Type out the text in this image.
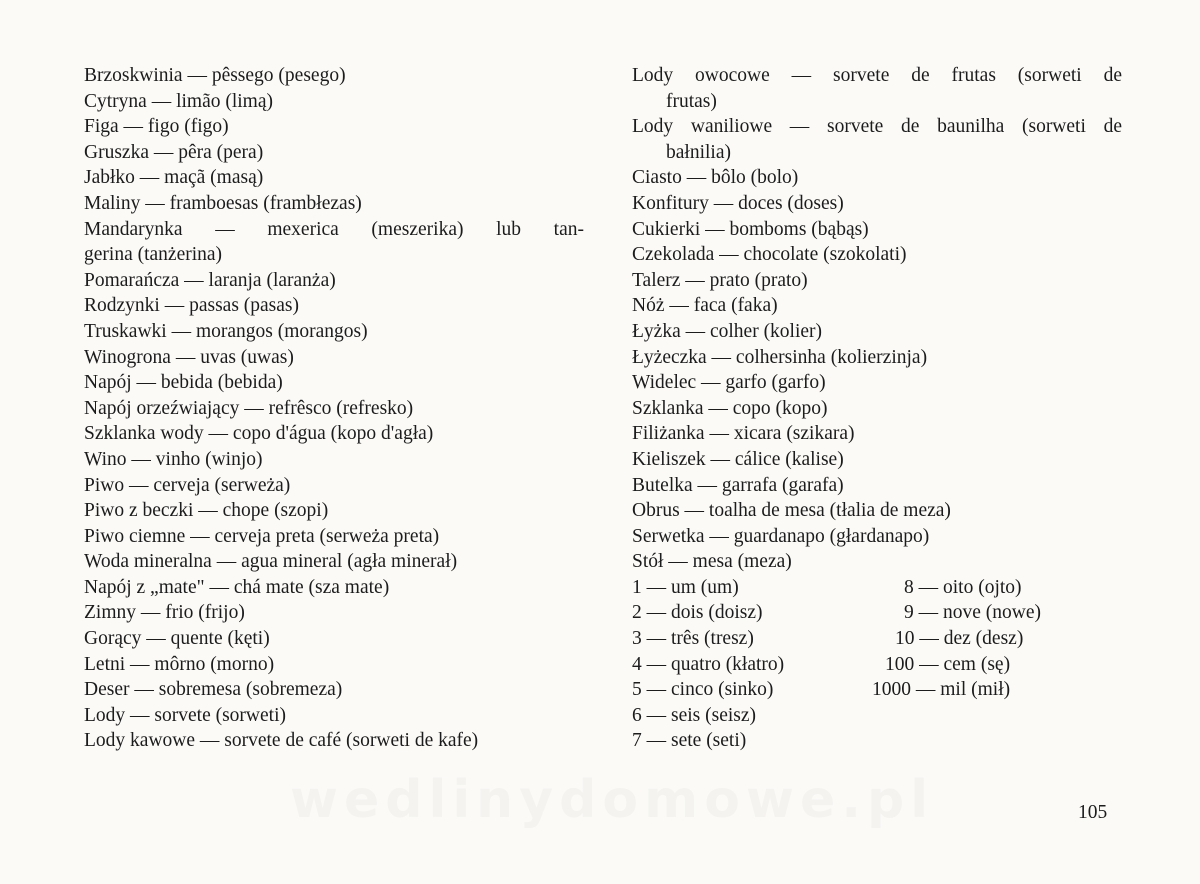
Brzoskwinia — pêssego (pesego)
Cytryna — limão (limą)
Figa — figo (figo)
Gruszka — pêra (pera)
Jabłko — maçã (masą)
Maliny — framboesas (frambłezas)
Mandarynka — mexerica (meszerika) lub tan-
gerina (tanżerina)
Pomarańcza — laranja (laranża)
Rodzynki — passas (pasas)
Truskawki — morangos (morangos)
Winogrona — uvas (uwas)
Napój — bebida (bebida)
Napój orzeźwiający — refrêsco (refresko)
Szklanka wody — copo d'água (kopo d'agła)
Wino — vinho (winjo)
Piwo — cerveja (serweża)
Piwo z beczki — chope (szopi)
Piwo ciemne — cerveja preta (serweża preta)
Woda mineralna — agua mineral (agła minerał)
Napój z „mate" — chá mate (sza mate)
Zimny — frio (frijo)
Gorący — quente (kęti)
Letni — môrno (morno)
Deser — sobremesa (sobremeza)
Lody — sorvete (sorweti)
Lody kawowe — sorvete de café (sorweti de kafe)
Lody owocowe — sorvete de frutas (sorweti de
frutas)
Lody waniliowe — sorvete de baunilha (sorweti de
bałnilia)
Ciasto — bôlo (bolo)
Konfitury — doces (doses)
Cukierki — bomboms (bąbąs)
Czekolada — chocolate (szokolati)
Talerz — prato (prato)
Nóż — faca (faka)
Łyżka — colher (kolier)
Łyżeczka — colhersinha (kolierzinja)
Widelec — garfo (garfo)
Szklanka — copo (kopo)
Filiżanka — xicara (szikara)
Kieliszek — cálice (kalise)
Butelka — garrafa (garafa)
Obrus — toalha de mesa (tłalia de meza)
Serwetka — guardanapo (głardanapo)
Stół — mesa (meza)
1 — um (um)	8 — oito (ojto)
2 — dois (doisz)	9 — nove (nowe)
3 — três (tresz)	10 — dez (desz)
4 — quatro (kłatro)	100 — cem (sę)
5 — cinco (sinko)	1000 — mil (mił)
6 — seis (seisz)
7 — sete (seti)
wedlinydomowe.pl	105
